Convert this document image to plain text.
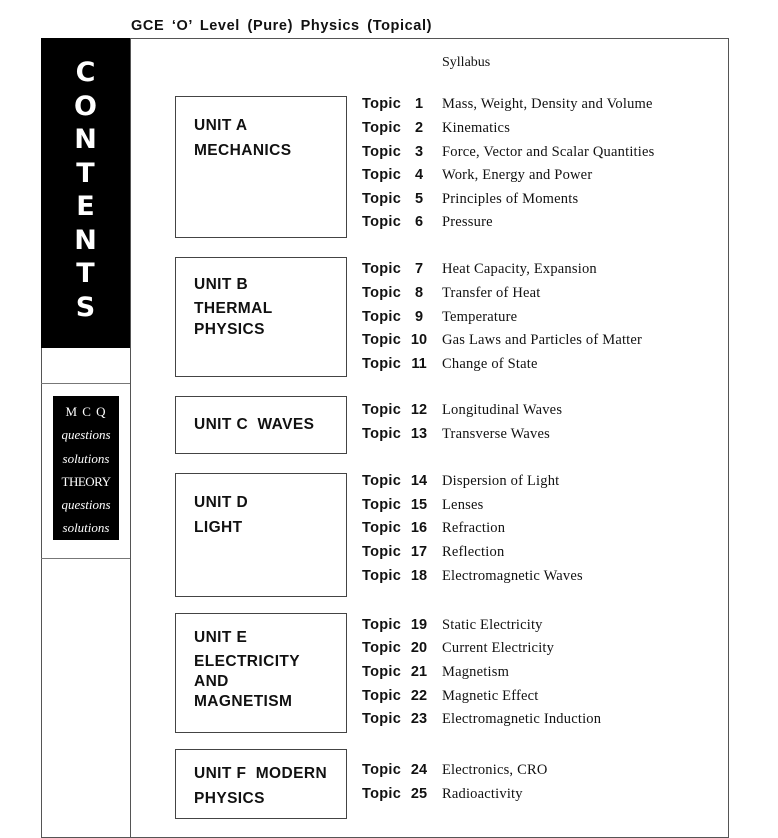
GCE ‘O’ Level (Pure) Physics (Topical)
C
O
N
T
E
N
T
S
M C Q
questions
solutions
THEORY
questions
solutions
Syllabus
UNIT A
MECHANICS
UNIT B
THERMAL
PHYSICS
UNIT C  WAVES
UNIT D
LIGHT
UNIT E
ELECTRICITY
AND
MAGNETISM
UNIT F  MODERN
PHYSICS
Topic 1	Mass, Weight, Density and Volume
Topic 2	Kinematics
Topic 3	Force, Vector and Scalar Quantities
Topic 4	Work, Energy and Power
Topic 5	Principles of Moments
Topic 6	Pressure
Topic 7	Heat Capacity, Expansion
Topic 8	Transfer of Heat
Topic 9	Temperature
Topic 10	Gas Laws and Particles of Matter
Topic 11	Change of State
Topic 12	Longitudinal Waves
Topic 13	Transverse Waves
Topic 14	Dispersion of Light
Topic 15	Lenses
Topic 16	Refraction
Topic 17	Reflection
Topic 18	Electromagnetic Waves
Topic 19	Static Electricity
Topic 20	Current Electricity
Topic 21	Magnetism
Topic 22	Magnetic Effect
Topic 23	Electromagnetic Induction
Topic 24	Electronics, CRO
Topic 25	Radioactivity
